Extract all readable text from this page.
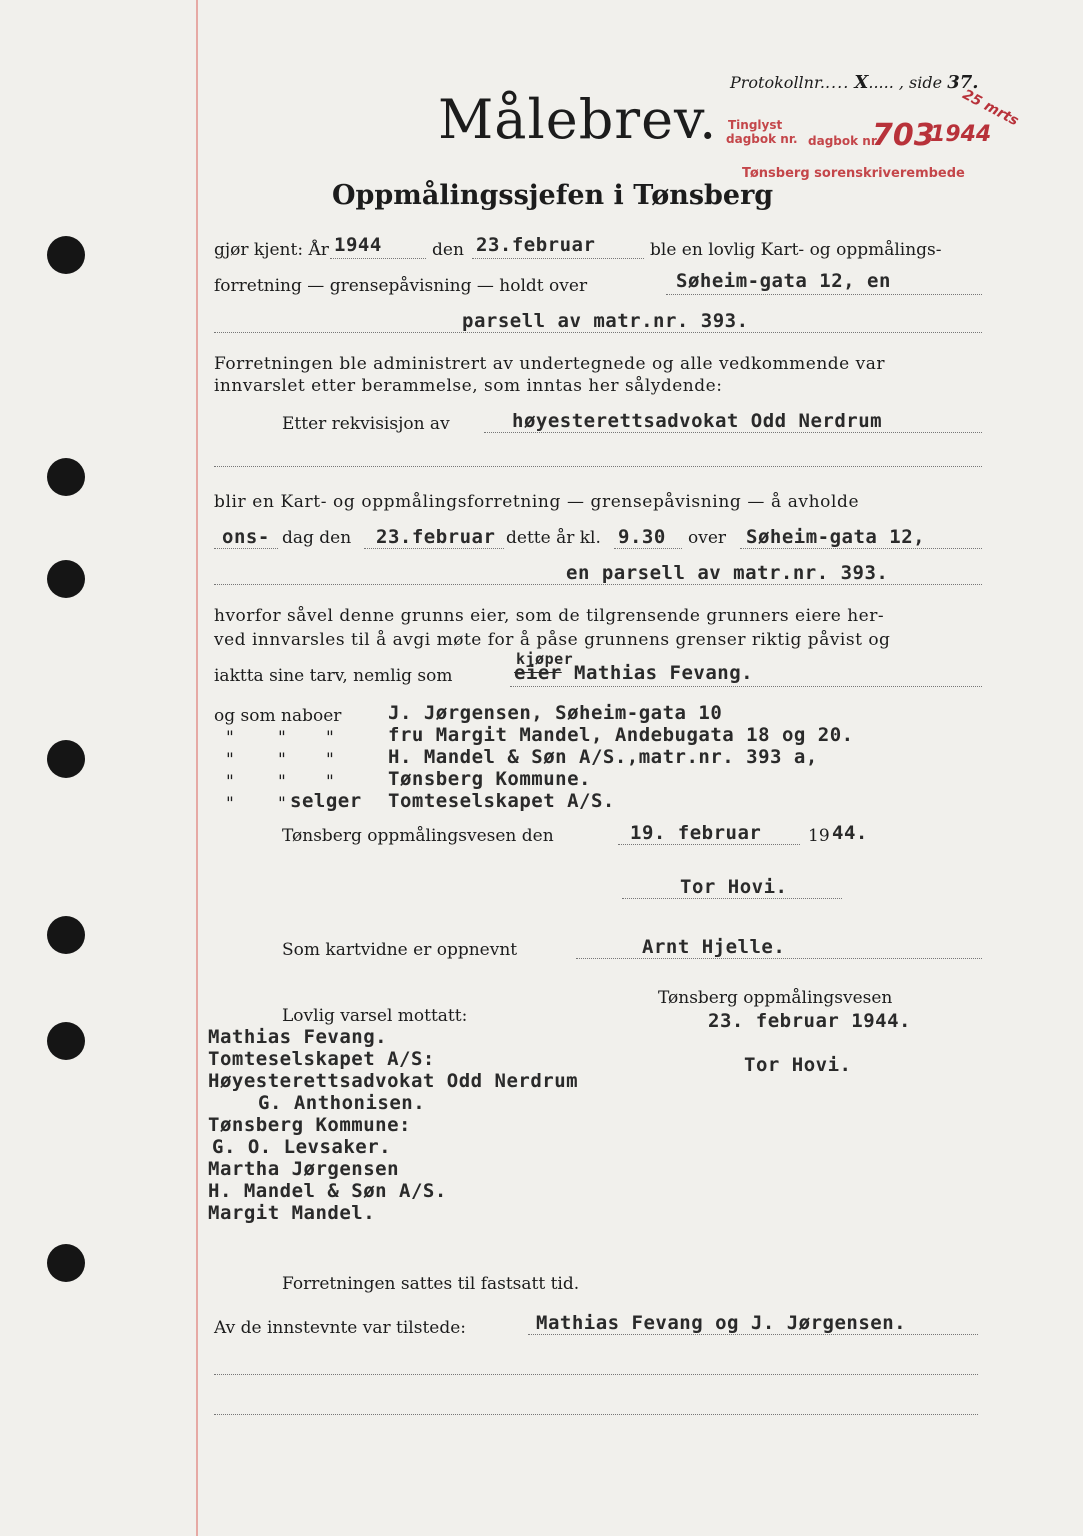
Protokollnr..... X..... , side 37.
Målebrev. Tinglyst
dagbok nr. dagbok nr.
703
1944
25 mrts
Tønsberg sorenskriverembede
Oppmålingssjefen i Tønsberg
gjør kjent: År 1944	den 23.februar	ble en lovlig Kart- og oppmålings-
forretning — grensepåvisning — holdt over	Søheim-gata 12, en
parsell av matr.nr. 393.
Forretningen ble administrert av undertegnede og alle vedkommende var
innvarslet etter berammelse, som inntas her sålydende:
Etter rekvisisjon av	høyesterettsadvokat Odd Nerdrum
blir en Kart- og oppmålingsforretning — grensepåvisning — å avholde
ons- dag den 23.februar dette år kl. 9.30 over Søheim-gata 12,
en parsell av matr.nr. 393.
hvorfor såvel denne grunns eier, som de tilgrensende grunners eiere her-
ved innvarsles til å avgi møte for å påse grunnens grenser riktig påvist og
iaktta sine tarv, nemlig som	eier
kjøper
Mathias Fevang.
og som naboer J. Jørgensen, Søheim-gata 10
"	" "	fru Margit Mandel, Andebugata 18 og 20.
"	" "	H. Mandel & Søn A/S.,matr.nr. 393 a,
"	" "	Tønsberg Kommune.
"	" selger Tomteselskapet A/S.
Tønsberg oppmålingsvesen den	19. februar	19 44.
Tor Hovi.
Som kartvidne er oppnevnt	Arnt Hjelle.
Tønsberg oppmålingsvesen
23. februar 1944.
Tor Hovi.
Lovlig varsel mottatt:
Mathias Fevang.
Tomteselskapet A/S:
Høyesterettsadvokat Odd Nerdrum
G. Anthonisen.
Tønsberg Kommune:
G. O. Levsaker.
Martha Jørgensen
H. Mandel & Søn A/S.
Margit Mandel.
Forretningen sattes til fastsatt tid.
Av de innstevnte var tilstede:	Mathias Fevang og J. Jørgensen.
